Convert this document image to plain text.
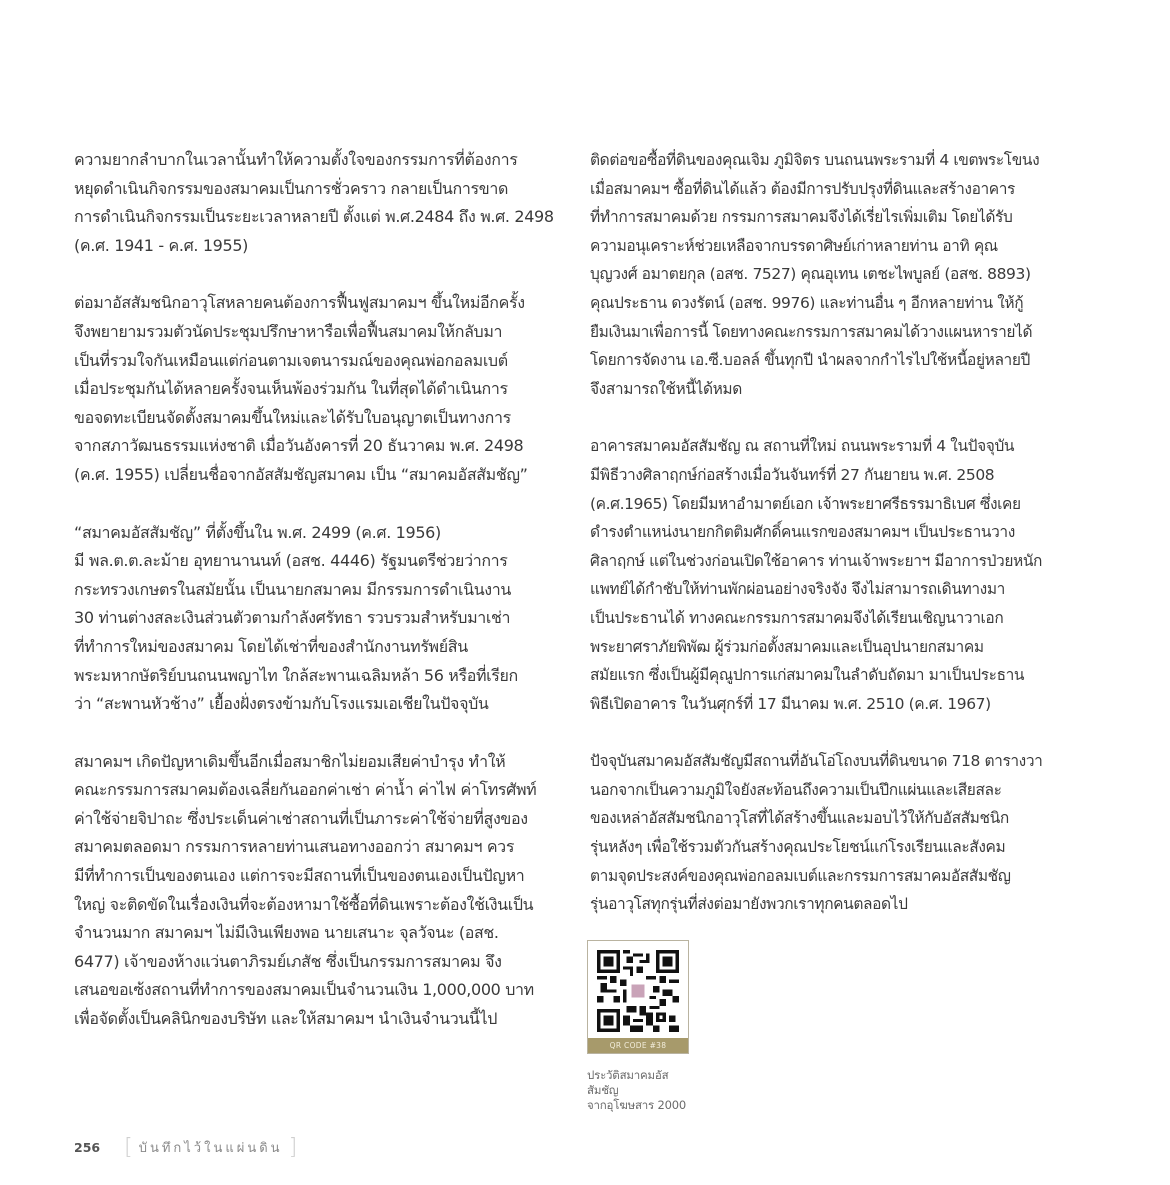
ความยากลำบากในเวลานั้นทำให้ความตั้งใจของกรรมการที่ต้องการ
หยุดดำเนินกิจกรรมของสมาคมเป็นการชั่วคราว กลายเป็นการขาด
การดำเนินกิจกรรมเป็นระยะเวลาหลายปี ตั้งแต่ พ.ศ.2484 ถึง พ.ศ. 2498
(ค.ศ. 1941 - ค.ศ. 1955)

ต่อมาอัสสัมชนิกอาวุโสหลายคนต้องการฟื้นฟูสมาคมฯ ขึ้นใหม่อีกครั้ง
จึงพยายามรวมตัวนัดประชุมปรึกษาหารือเพื่อฟื้นสมาคมให้กลับมา
เป็นที่รวมใจกันเหมือนแต่ก่อนตามเจตนารมณ์ของคุณพ่อกอลมเบต์
เมื่อประชุมกันได้หลายครั้งจนเห็นพ้องร่วมกัน ในที่สุดได้ดำเนินการ
ขอจดทะเบียนจัดตั้งสมาคมขึ้นใหม่และได้รับใบอนุญาตเป็นทางการ
จากสภาวัฒนธรรมแห่งชาติ เมื่อวันอังคารที่ 20 ธันวาคม พ.ศ. 2498
(ค.ศ. 1955) เปลี่ยนชื่อจากอัสสัมชัญสมาคม เป็น “สมาคมอัสสัมชัญ”

“สมาคมอัสสัมชัญ” ที่ตั้งขึ้นใน พ.ศ. 2499 (ค.ศ. 1956)
มี พล.ต.ต.ละม้าย อุทยานานนท์ (อสช. 4446) รัฐมนตรีช่วยว่าการ
กระทรวงเกษตรในสมัยนั้น เป็นนายกสมาคม มีกรรมการดำเนินงาน
30 ท่านต่างสละเงินส่วนตัวตามกำลังศรัทธา รวบรวมสำหรับมาเช่า
ที่ทำการใหม่ของสมาคม โดยได้เช่าที่ของสำนักงานทรัพย์สิน
พระมหากษัตริย์บนถนนพญาไท ใกล้สะพานเฉลิมหล้า 56 หรือที่เรียก
ว่า “สะพานหัวช้าง” เยื้องฝั่งตรงข้ามกับโรงแรมเอเชียในปัจจุบัน

สมาคมฯ เกิดปัญหาเดิมขึ้นอีกเมื่อสมาชิกไม่ยอมเสียค่าบำรุง ทำให้
คณะกรรมการสมาคมต้องเฉลี่ยกันออกค่าเช่า ค่าน้ำ ค่าไฟ ค่าโทรศัพท์
ค่าใช้จ่ายจิปาถะ ซึ่งประเด็นค่าเช่าสถานที่เป็นภาระค่าใช้จ่ายที่สูงของ
สมาคมตลอดมา กรรมการหลายท่านเสนอทางออกว่า สมาคมฯ ควร
มีที่ทำการเป็นของตนเอง แต่การจะมีสถานที่เป็นของตนเองเป็นปัญหา
ใหญ่ จะติดขัดในเรื่องเงินที่จะต้องหามาใช้ซื้อที่ดินเพราะต้องใช้เงินเป็น
จำนวนมาก สมาคมฯ ไม่มีเงินเพียงพอ นายเสนาะ จุลวัจนะ (อสช.
6477) เจ้าของห้างแว่นตาภิรมย์เภสัช ซึ่งเป็นกรรมการสมาคม จึง
เสนอขอเซ้งสถานที่ทำการของสมาคมเป็นจำนวนเงิน 1,000,000 บาท
เพื่อจัดตั้งเป็นคลินิกของบริษัท และให้สมาคมฯ นำเงินจำนวนนี้ไป

ติดต่อขอซื้อที่ดินของคุณเจิม ภูมิจิตร บนถนนพระรามที่ 4 เขตพระโขนง
เมื่อสมาคมฯ ซื้อที่ดินได้แล้ว ต้องมีการปรับปรุงที่ดินและสร้างอาคาร
ที่ทำการสมาคมด้วย กรรมการสมาคมจึงได้เรี่ยไรเพิ่มเติม โดยได้รับ
ความอนุเคราะห์ช่วยเหลือจากบรรดาศิษย์เก่าหลายท่าน อาทิ คุณ
บุญวงศ์ อมาตยกุล (อสช. 7527) คุณอุเทน เตชะไพบูลย์ (อสช. 8893)
คุณประธาน ดวงรัตน์ (อสช. 9976) และท่านอื่น ๆ อีกหลายท่าน ให้กู้
ยืมเงินมาเพื่อการนี้ โดยทางคณะกรรมการสมาคมได้วางแผนหารายได้
โดยการจัดงาน เอ.ซี.บอลล์ ขึ้นทุกปี นำผลจากกำไรไปใช้หนี้อยู่หลายปี
จึงสามารถใช้หนี้ได้หมด

อาคารสมาคมอัสสัมชัญ ณ สถานที่ใหม่ ถนนพระรามที่ 4 ในปัจจุบัน
มีพิธีวางศิลาฤกษ์ก่อสร้างเมื่อวันจันทร์ที่ 27 กันยายน พ.ศ. 2508
(ค.ศ.1965) โดยมีมหาอำมาตย์เอก เจ้าพระยาศรีธรรมาธิเบศ ซึ่งเคย
ดำรงตำแหน่งนายกกิตติมศักดิ์คนแรกของสมาคมฯ เป็นประธานวาง
ศิลาฤกษ์ แต่ในช่วงก่อนเปิดใช้อาคาร ท่านเจ้าพระยาฯ มีอาการป่วยหนัก
แพทย์ได้กำชับให้ท่านพักผ่อนอย่างจริงจัง จึงไม่สามารถเดินทางมา
เป็นประธานได้ ทางคณะกรรมการสมาคมจึงได้เรียนเชิญนาวาเอก
พระยาศราภัยพิพัฒ ผู้ร่วมก่อตั้งสมาคมและเป็นอุปนายกสมาคม
สมัยแรก ซึ่งเป็นผู้มีคุณูปการแก่สมาคมในลำดับถัดมา มาเป็นประธาน
พิธีเปิดอาคาร ในวันศุกร์ที่ 17 มีนาคม พ.ศ. 2510 (ค.ศ. 1967)

ปัจจุบันสมาคมอัสสัมชัญมีสถานที่อันโอ่โถงบนที่ดินขนาด 718 ตารางวา
นอกจากเป็นความภูมิใจยังสะท้อนถึงความเป็นปึกแผ่นและเสียสละ
ของเหล่าอัสสัมชนิกอาวุโสที่ได้สร้างขึ้นและมอบไว้ให้กับอัสสัมชนิก
รุ่นหลังๆ เพื่อใช้รวมตัวกันสร้างคุณประโยชน์แก่โรงเรียนและสังคม
ตามจุดประสงค์ของคุณพ่อกอลมเบต์และกรรมการสมาคมอัสสัมชัญ
รุ่นอาวุโสทุกรุ่นที่ส่งต่อมายังพวกเราทุกคนตลอดไป

QR CODE #38
ประวัติสมาคมอัสสัมชัญ
จากอุโฆษสาร 2000
256 [ บันทึกไว้ในแผ่นดิน ]
